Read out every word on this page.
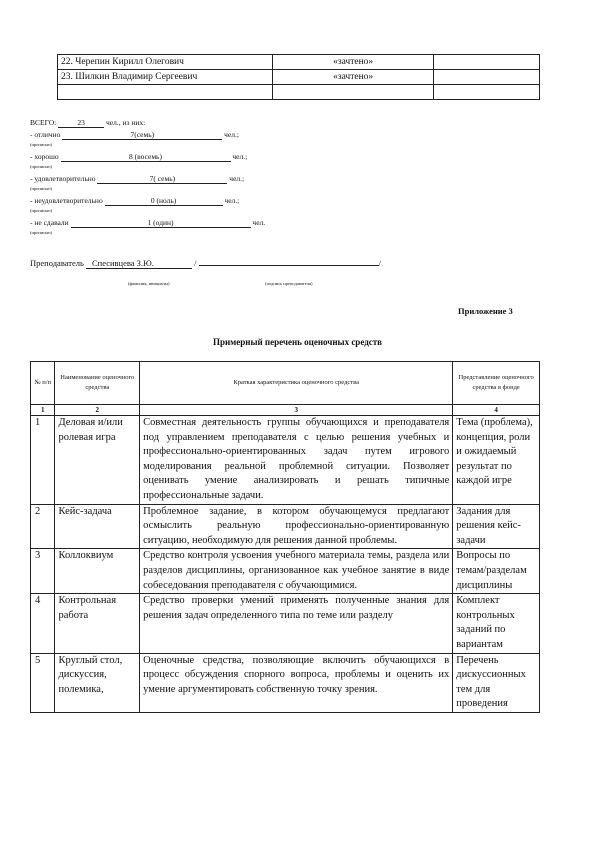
22. Черепин Кирилл Олегович	«зачтено»	
23. Шилкин Владимир Сергеевич	«зачтено»	

ВСЕГО:	23	чел., из них:
- отлично	7(семь)	чел.;
(прописью)
- хорошо	8 (восемь)	чел.;
(прописью)
- удовлетворительно	7( семь)	чел.;
(прописью)
- неудовлетворительно	0 (ноль)	чел.;
(прописью)
- не сдавали	1 (один)	чел.
(прописью)
Преподаватель Спесивцева З.Ю.	/	/
(фамилия, инициалы)	(подпись преподавателя)
Приложение 3
Примерный перечень оценочных средств
№ п/п	Наименование оценочного средства	Краткая характеристика оценочного средства	Представление оценочного средства в фонде
1	2	3	4
1	Деловая и/или ролевая игра	Совместная деятельность группы обучающихся и преподавателя под управлением преподавателя с целью решения учебных и профессионально-ориентированных задач путем игрового моделирования реальной проблемной ситуации. Позволяет оценивать умение анализировать и решать типичные профессиональные задачи.	Тема (проблема), концепция, роли и ожидаемый результат по каждой игре
2	Кейс-задача	Проблемное задание, в котором обучающемуся предлагают осмыслить реальную профессионально-ориентированную ситуацию, необходимую для решения данной проблемы.	Задания для решения кейс-задачи
3	Коллоквиум	Средство контроля усвоения учебного материала темы, раздела или разделов дисциплины, организованное как учебное занятие в виде собеседования преподавателя с обучающимися.	Вопросы по темам/разделам дисциплины
4	Контрольная работа	Средство проверки умений применять полученные знания для решения задач определенного типа по теме или разделу	Комплект контрольных заданий по вариантам
5	Круглый стол, дискуссия, полемика,	Оценочные средства, позволяющие включить обучающихся в процесс обсуждения спорного вопроса, проблемы и оценить их умение аргументировать собственную точку зрения.	Перечень дискуссионных тем для проведения
